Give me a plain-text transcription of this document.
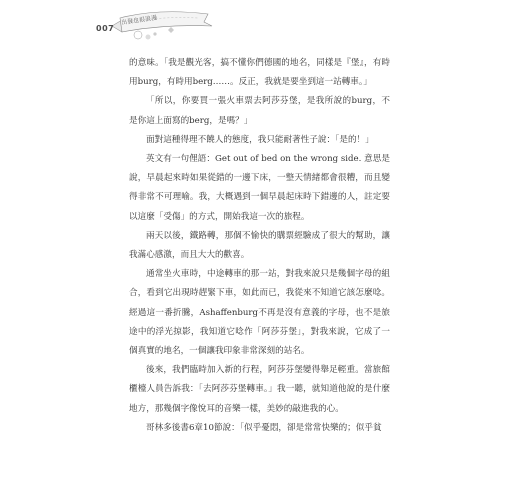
007
出發也很浪漫

的意味。「我是觀光客，搞不懂你們德國的地名，同樣是『堡』，有時用burg，有時用berg……。反正，我就是要坐到這一站轉車。」

「所以，你要買一張火車票去阿莎芬堡，是我所說的burg，不是你這上面寫的berg，是嗎？」

面對這種得理不饒人的態度，我只能耐著性子說：「是的！」

英文有一句俚語：Get out of bed on the wrong side. 意思是說，早晨起來時如果從錯的一邊下床，一整天情緒都會很糟，而且變得非常不可理喻。我，大概遇到一個早晨起床時下錯邊的人，註定要以這麼「受傷」的方式，開始我這一次的旅程。

兩天以後，鐵路轉，那個不愉快的購票經驗成了很大的幫助，讓我滿心感激，而且大大的歡喜。

通常坐火車時，中途轉車的那一站，對我來說只是幾個字母的組合，看到它出現時趕緊下車，如此而已，我從來不知道它該怎麼唸。經過這一番折騰，Ashaffenburg不再是沒有意義的字母，也不是旅途中的浮光掠影，我知道它唸作「阿莎芬堡」，對我來說，它成了一個真實的地名，一個讓我印象非常深刻的站名。

後來，我們臨時加入新的行程，阿莎芬堡變得舉足輕重。當旅館櫃檯人員告訴我：「去阿莎芬堡轉車。」我一聽，就知道他說的是什麼地方，那幾個字像悅耳的音樂一樣，美妙的敲進我的心。

哥林多後書6章10節說：「似乎憂悶，卻是常常快樂的；似乎貧
